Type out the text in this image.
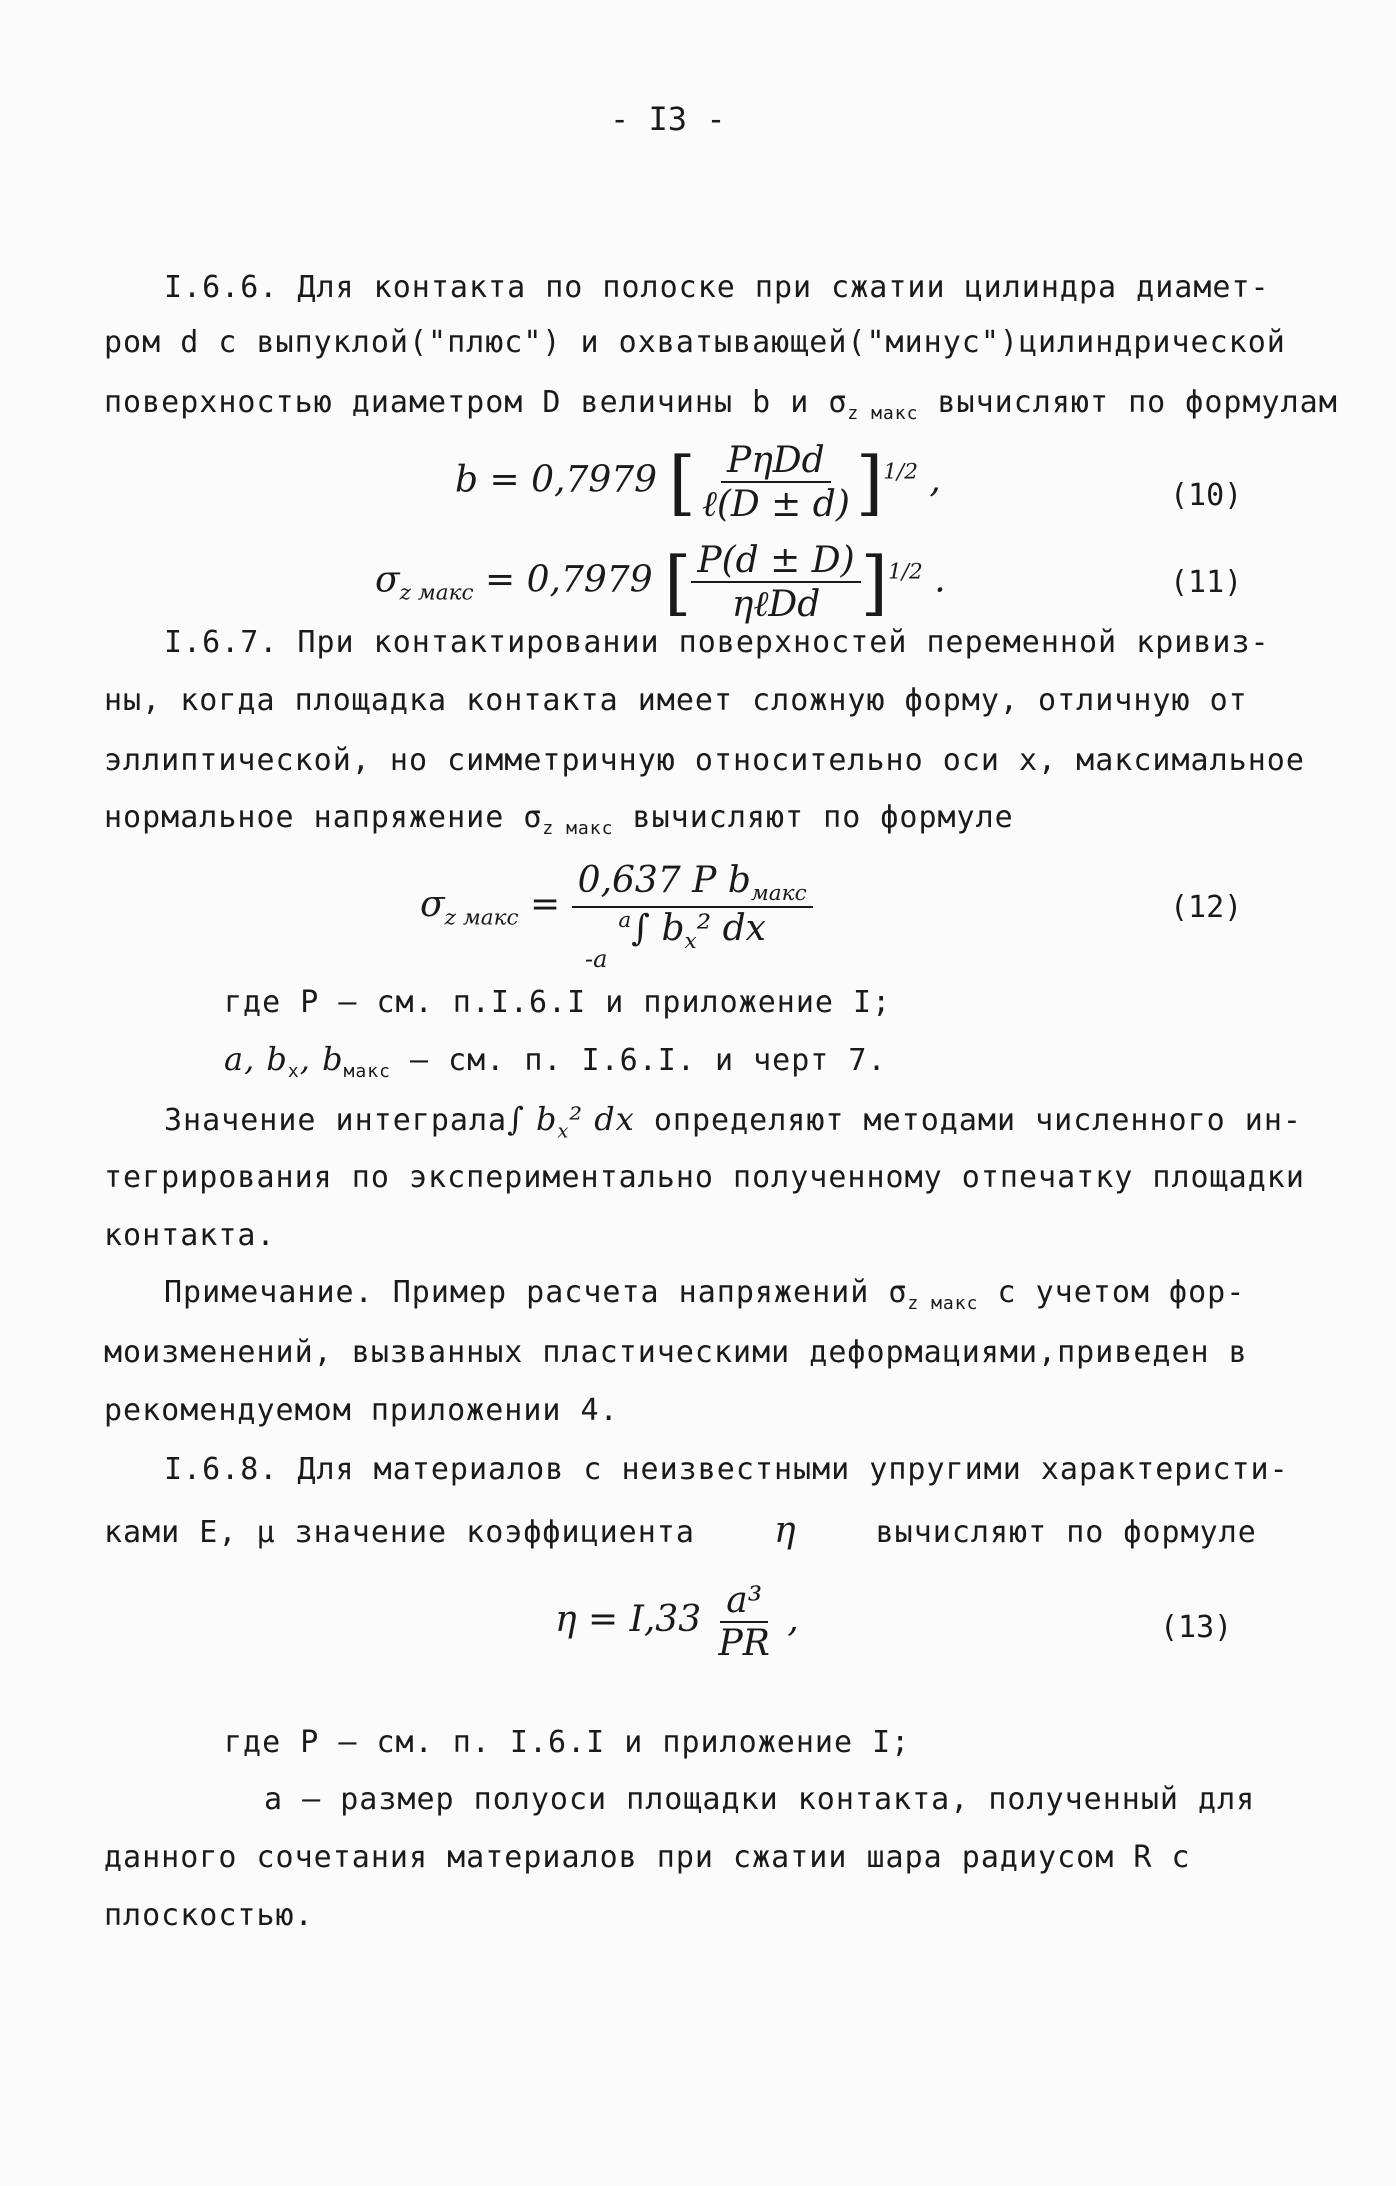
- I3 -
I.6.6. Для контакта по полоске при сжатии цилиндра диамет-
ром d с выпуклой("плюс") и охватывающей("минус")цилиндрической
поверхностью диаметром D величины b и $\sigma_{z макс}$ вычисляют по формулам
b = 0,7979 [ $\frac{\text{PηDd}}{\text{ℓ(D ± d)}} ]^{1/2}$ ,	(10)
$\sigma_{z макс} = 0,7979$ [ $\frac{P(d \pm D)}{\text{ηℓDd}} ]^{1/2}$ .	(11)
I.6.7. При контактировании поверхностей переменной кривиз-
ны, когда площадка контакта имеет сложную форму, отличную от
эллиптической, но симметричную относительно оси x, максимальное
нормальное напряжение $\sigma_{z макс}$ вычисляют по формуле
$\sigma_{z макс} = \frac{0,637 P b_{макс}}{^a\int b_x^2 dx}$
-a
(12)
где P – см. п.I.6.I и приложение I;
a, $b_x$, $b_{макс}$ – см. п. I.6.I. и черт 7.
Значение интеграла∫ $b_x^2$ dx определяют методами численного ин-
тегрирования по экспериментально полученному отпечатку площадки
контакта.
Примечание. Пример расчета напряжений $\sigma_{z макс}$ с учетом фор-
моизменений, вызванных пластическими деформациями,приведен в
рекомендуемом приложении 4.
I.6.8. Для материалов с неизвестными упругими характеристи-
ками E, μ значение коэффициента η	вычисляют по формуле
$\eta = I,33 \frac{\text{a³}}{PR}$ ,	(13)
где P – см. п. I.6.I и приложение I;
a – размер полуоси площадки контакта, полученный для
данного сочетания материалов при сжатии шара радиусом R с
плоскостью.
